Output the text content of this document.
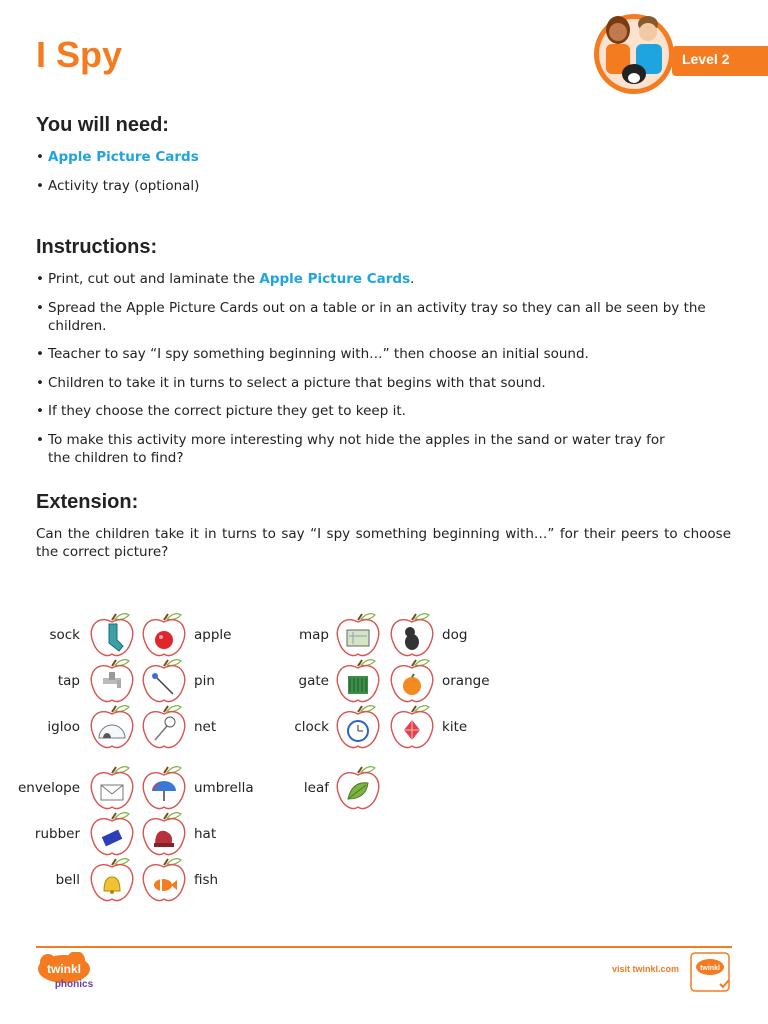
I Spy	Level 2
You will need:
• Apple Picture Cards
• Activity tray (optional)
Instructions:
• Print, cut out and laminate the Apple Picture Cards.
• Spread the Apple Picture Cards out on a table or in an activity tray so they can all be seen by the children.
• Teacher to say “I spy something beginning with…” then choose an initial sound.
• Children to take it in turns to select a picture that begins with that sound.
• If they choose the correct picture they get to keep it.
• To make this activity more interesting why not hide the apples in the sand or water tray for the children to find?
Extension:

Can the children take it in turns to say “I spy something beginning with…” for their peers to choose the correct picture?

sock
tap
igloo
apple
pin
net
map
gate
clock
dog
orange
kite
envelope
rubber
bell
umbrella
hat
fish
leaf
twinkl
phonics
visit twinkl.com	twinkl
